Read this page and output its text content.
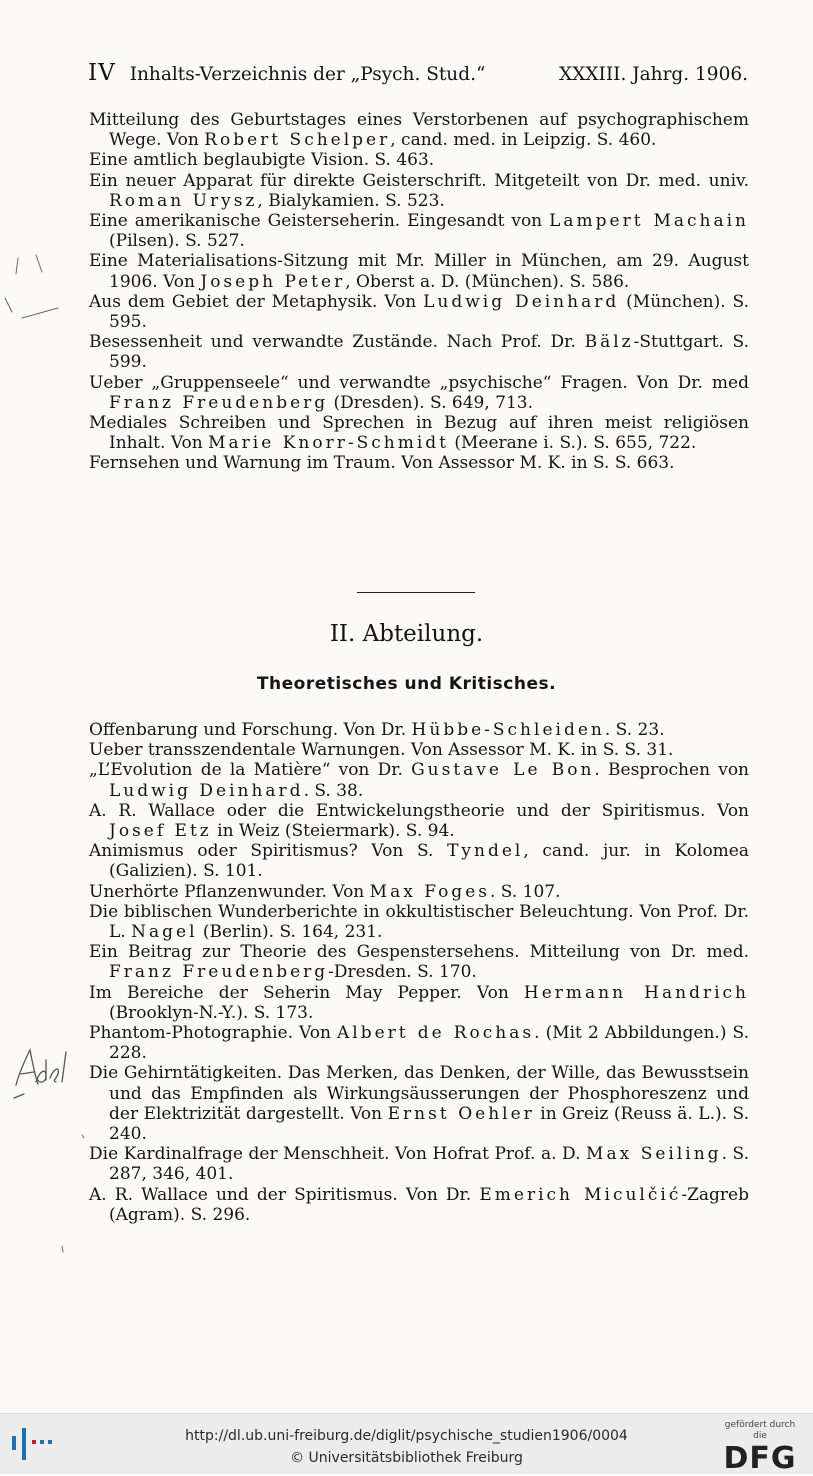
IV Inhalts-Verzeichnis der „Psych. Stud.“	XXXIII. Jahrg. 1906.

Mitteilung des Geburtstages eines Verstorbenen auf psychographischem Wege. Von Robert Schelper, cand. med. in Leipzig. S. 460.

Eine amtlich beglaubigte Vision. S. 463.

Ein neuer Apparat für direkte Geisterschrift. Mitgeteilt von Dr. med. univ. Roman Urysz, Bialykamien. S. 523.

Eine amerikanische Geisterseherin. Eingesandt von Lampert Machain (Pilsen). S. 527.

Eine Materialisations-Sitzung mit Mr. Miller in München, am 29. August 1906. Von Joseph Peter, Oberst a. D. (München). S. 586.

Aus dem Gebiet der Metaphysik. Von Ludwig Deinhard (München). S. 595.

Besessenheit und verwandte Zustände. Nach Prof. Dr. Bälz-Stuttgart. S. 599.

Ueber „Gruppenseele“ und verwandte „psychische“ Fragen. Von Dr. med Franz Freudenberg (Dresden). S. 649, 713.

Mediales Schreiben und Sprechen in Bezug auf ihren meist religiösen Inhalt. Von Marie Knorr-Schmidt (Meerane i. S.). S. 655, 722.

Fernsehen und Warnung im Traum. Von Assessor M. K. in S. S. 663.

II. Abteilung.
Theoretisches und Kritisches.

Offenbarung und Forschung. Von Dr. Hübbe-Schleiden. S. 23.

Ueber transszendentale Warnungen. Von Assessor M. K. in S. S. 31.

„L’Evolution de la Matière“ von Dr. Gustave Le Bon. Besprochen von Ludwig Deinhard. S. 38.

A. R. Wallace oder die Entwickelungstheorie und der Spiritismus. Von Josef Etz in Weiz (Steiermark). S. 94.

Animismus oder Spiritismus? Von S. Tyndel, cand. jur. in Kolomea (Galizien). S. 101.

Unerhörte Pflanzenwunder. Von Max Foges. S. 107.

Die biblischen Wunderberichte in okkultistischer Beleuchtung. Von Prof. Dr. L. Nagel (Berlin). S. 164, 231.

Ein Beitrag zur Theorie des Gespenstersehens. Mitteilung von Dr. med. Franz Freudenberg-Dresden. S. 170.

Im Bereiche der Seherin May Pepper. Von Hermann Handrich (Brooklyn-N.-Y.). S. 173.

Phantom-Photographie. Von Albert de Rochas. (Mit 2 Abbildungen.) S. 228.

Die Gehirntätigkeiten. Das Merken, das Denken, der Wille, das Bewusstsein und das Empfinden als Wirkungsäusserungen der Phosphoreszenz und der Elektrizität dargestellt. Von Ernst Oehler in Greiz (Reuss ä. L.). S. 240.

Die Kardinalfrage der Menschheit. Von Hofrat Prof. a. D. Max Seiling. S. 287, 346, 401.

A. R. Wallace und der Spiritismus. Von Dr. Emerich Miculčić-Zagreb (Agram). S. 296.

http://dl.ub.uni-freiburg.de/diglit/psychische_studien1906/0004
© Universitätsbibliothek Freiburg
gefördert durch die
DFG
